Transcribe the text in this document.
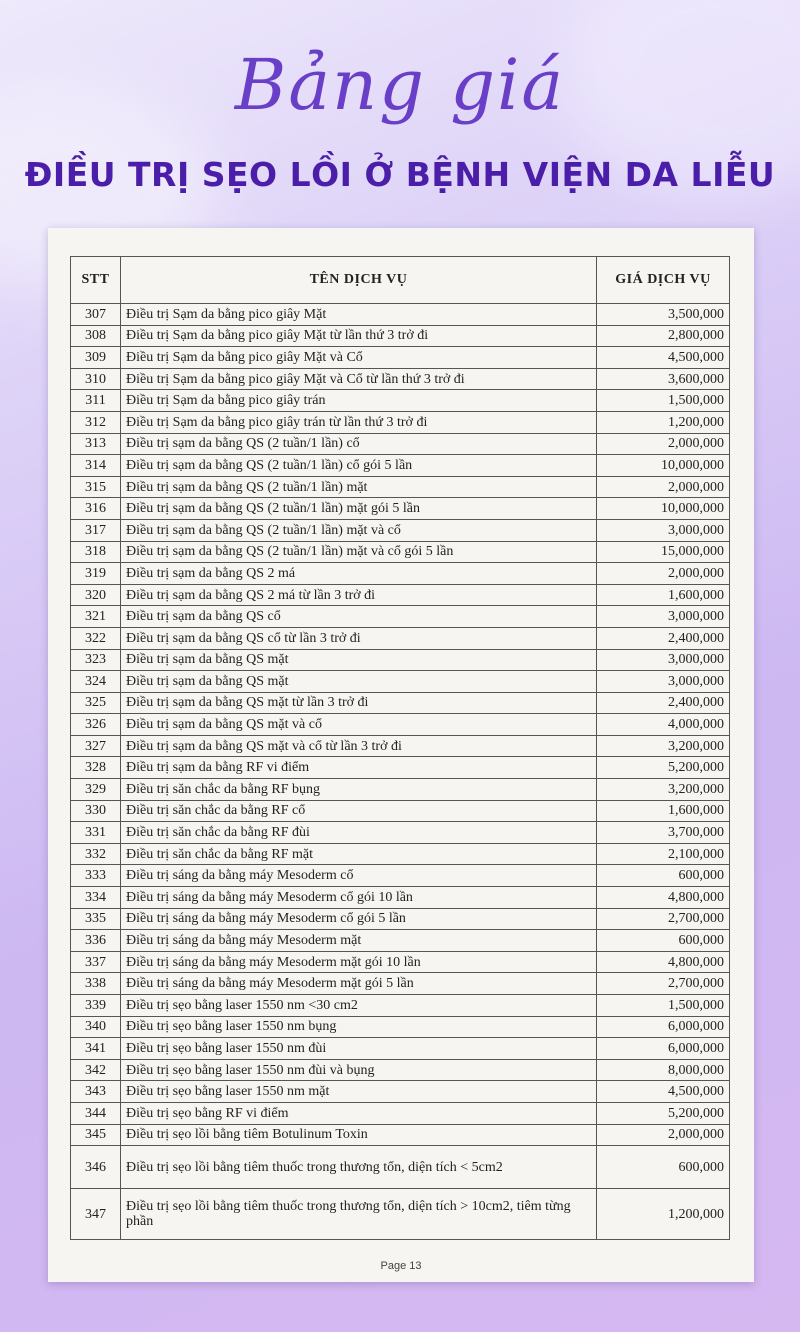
Bảng giá
ĐIỀU TRỊ SẸO LỒI Ở BỆNH VIỆN DA LIỄU
STT	TÊN DỊCH VỤ	GIÁ DỊCH VỤ
307	Điều trị Sạm da bằng pico giây Mặt	3,500,000
308	Điều trị Sạm da bằng pico giây Mặt từ lần thứ 3 trở đi	2,800,000
309	Điều trị Sạm da bằng pico giây Mặt và Cổ	4,500,000
310	Điều trị Sạm da bằng pico giây Mặt và Cổ từ lần thứ 3 trở đi	3,600,000
311	Điều trị Sạm da bằng pico giây trán	1,500,000
312	Điều trị Sạm da bằng pico giây trán từ lần thứ 3 trở đi	1,200,000
313	Điều trị sạm da bằng QS (2 tuần/1 lần) cổ	2,000,000
314	Điều trị sạm da bằng QS (2 tuần/1 lần) cổ gói 5 lần	10,000,000
315	Điều trị sạm da bằng QS (2 tuần/1 lần) mặt	2,000,000
316	Điều trị sạm da bằng QS (2 tuần/1 lần) mặt gói 5 lần	10,000,000
317	Điều trị sạm da bằng QS (2 tuần/1 lần) mặt và cổ	3,000,000
318	Điều trị sạm da bằng QS (2 tuần/1 lần) mặt và cổ gói 5 lần	15,000,000
319	Điều trị sạm da bằng QS 2 má	2,000,000
320	Điều trị sạm da bằng QS 2 má từ lần 3 trở đi	1,600,000
321	Điều trị sạm da bằng QS cổ	3,000,000
322	Điều trị sạm da bằng QS cổ từ lần 3 trở đi	2,400,000
323	Điều trị sạm da bằng QS mặt	3,000,000
324	Điều trị sạm da bằng QS mặt	3,000,000
325	Điều trị sạm da bằng QS mặt từ lần 3 trở đi	2,400,000
326	Điều trị sạm da bằng QS mặt và cổ	4,000,000
327	Điều trị sạm da bằng QS mặt và cổ từ lần 3 trở đi	3,200,000
328	Điều trị sạm da bằng RF vi điểm	5,200,000
329	Điều trị săn chắc da bằng RF bụng	3,200,000
330	Điều trị săn chắc da bằng RF cổ	1,600,000
331	Điều trị săn chắc da bằng RF đùi	3,700,000
332	Điều trị săn chắc da bằng RF mặt	2,100,000
333	Điều trị sáng da bằng máy Mesoderm cổ	600,000
334	Điều trị sáng da bằng máy Mesoderm cổ gói 10 lần	4,800,000
335	Điều trị sáng da bằng máy Mesoderm cổ gói 5 lần	2,700,000
336	Điều trị sáng da bằng máy Mesoderm mặt	600,000
337	Điều trị sáng da bằng máy Mesoderm mặt gói 10 lần	4,800,000
338	Điều trị sáng da bằng máy Mesoderm mặt gói 5 lần	2,700,000
339	Điều trị sẹo bằng laser 1550 nm <30 cm2	1,500,000
340	Điều trị sẹo bằng laser 1550 nm bụng	6,000,000
341	Điều trị sẹo bằng laser 1550 nm đùi	6,000,000
342	Điều trị sẹo bằng laser 1550 nm đùi và bụng	8,000,000
343	Điều trị sẹo bằng laser 1550 nm mặt	4,500,000
344	Điều trị sẹo bằng RF vi điểm	5,200,000
345	Điều trị sẹo lồi bằng tiêm Botulinum Toxin	2,000,000
346	Điều trị sẹo lồi bằng tiêm thuốc trong thương tổn, diện tích < 5cm2	600,000
347	Điều trị sẹo lồi bằng tiêm thuốc trong thương tổn, diện tích > 10cm2, tiêm từng phần	1,200,000
Page 13
